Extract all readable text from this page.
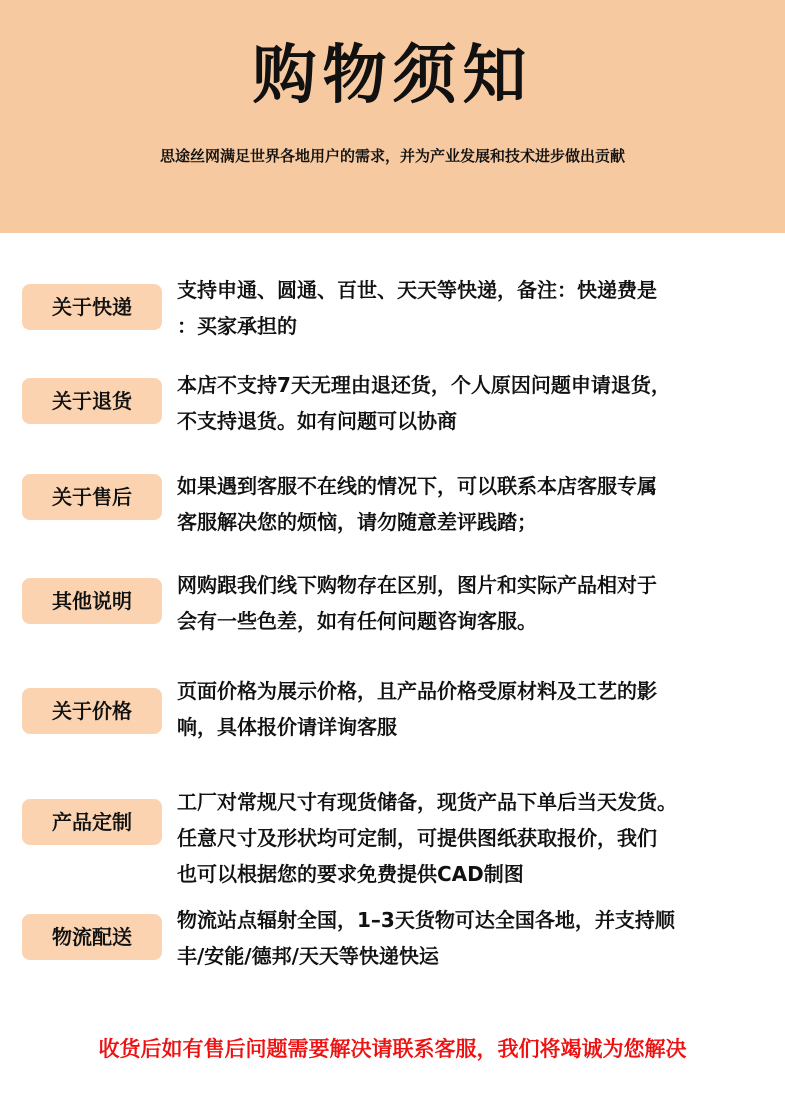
购物须知
思途丝网满足世界各地用户的需求，并为产业发展和技术进步做出贡献
关于快递
支持申通、圆通、百世、天天等快递，备注：快递费是
：买家承担的
关于退货
本店不支持7天无理由退还货，个人原因问题申请退货，
不支持退货。如有问题可以协商
关于售后	如果遇到客服不在线的情况下，可以联系本店客服专属
客服解决您的烦恼，请勿随意差评践踏；
其他说明
网购跟我们线下购物存在区别，图片和实际产品相对于
会有一些色差，如有任何问题咨询客服。
关于价格
页面价格为展示价格，且产品价格受原材料及工艺的影
响，具体报价请详询客服
产品定制
工厂对常规尺寸有现货储备，现货产品下单后当天发货。
任意尺寸及形状均可定制，可提供图纸获取报价，我们
也可以根据您的要求免费提供CAD制图
物流配送
物流站点辐射全国，1–3天货物可达全国各地，并支持顺
丰/安能/德邦/天天等快递快运
收货后如有售后问题需要解决请联系客服，我们将竭诚为您解决
